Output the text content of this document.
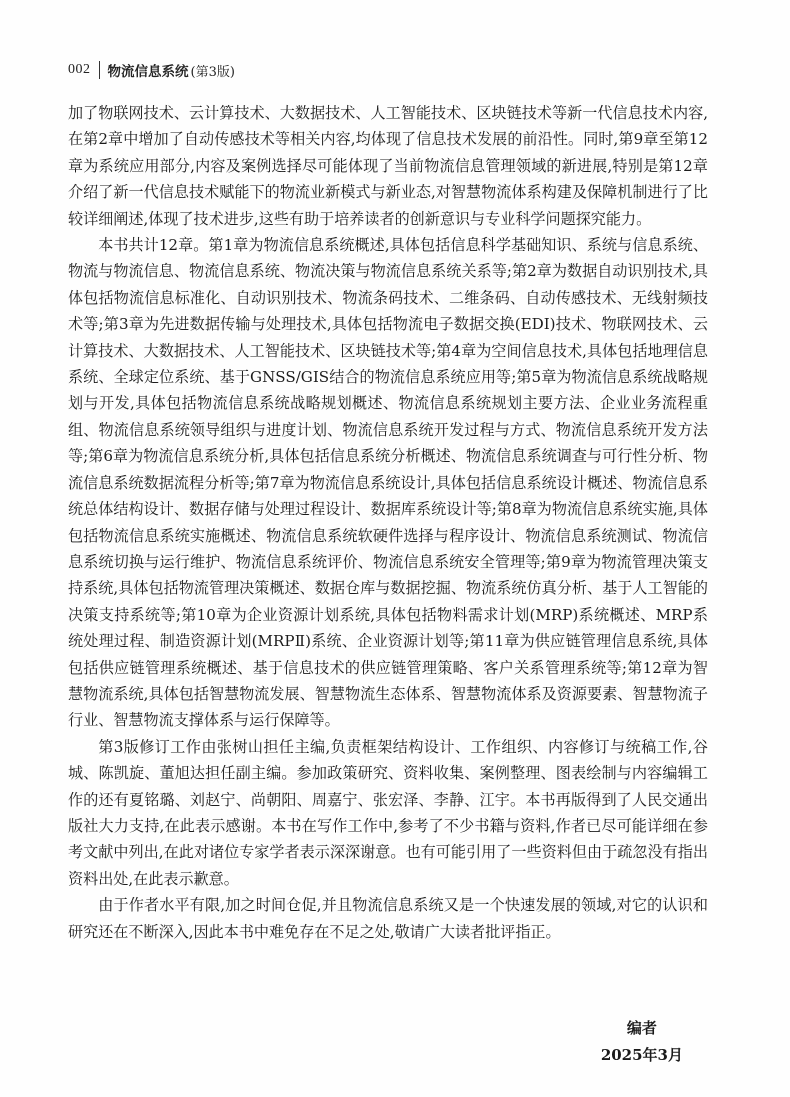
002 物流信息系统 (第3版)

加了物联网技术、云计算技术、大数据技术、人工智能技术、区块链技术等新一代信息技术内容,在第2章中增加了自动传感技术等相关内容,均体现了信息技术发展的前沿性。同时,第9章至第12章为系统应用部分,内容及案例选择尽可能体现了当前物流信息管理领域的新进展,特别是第12章介绍了新一代信息技术赋能下的物流业新模式与新业态,对智慧物流体系构建及保障机制进行了比较详细阐述,体现了技术进步,这些有助于培养读者的创新意识与专业科学问题探究能力。

本书共计12章。第1章为物流信息系统概述,具体包括信息科学基础知识、系统与信息系统、物流与物流信息、物流信息系统、物流决策与物流信息系统关系等;第2章为数据自动识别技术,具体包括物流信息标准化、自动识别技术、物流条码技术、二维条码、自动传感技术、无线射频技术等;第3章为先进数据传输与处理技术,具体包括物流电子数据交换(EDI)技术、物联网技术、云计算技术、大数据技术、人工智能技术、区块链技术等;第4章为空间信息技术,具体包括地理信息系统、全球定位系统、基于GNSS/GIS结合的物流信息系统应用等;第5章为物流信息系统战略规划与开发,具体包括物流信息系统战略规划概述、物流信息系统规划主要方法、企业业务流程重组、物流信息系统领导组织与进度计划、物流信息系统开发过程与方式、物流信息系统开发方法等;第6章为物流信息系统分析,具体包括信息系统分析概述、物流信息系统调查与可行性分析、物流信息系统数据流程分析等;第7章为物流信息系统设计,具体包括信息系统设计概述、物流信息系统总体结构设计、数据存储与处理过程设计、数据库系统设计等;第8章为物流信息系统实施,具体包括物流信息系统实施概述、物流信息系统软硬件选择与程序设计、物流信息系统测试、物流信息系统切换与运行维护、物流信息系统评价、物流信息系统安全管理等;第9章为物流管理决策支持系统,具体包括物流管理决策概述、数据仓库与数据挖掘、物流系统仿真分析、基于人工智能的决策支持系统等;第10章为企业资源计划系统,具体包括物料需求计划(MRP)系统概述、MRP系统处理过程、制造资源计划(MRPⅡ)系统、企业资源计划等;第11章为供应链管理信息系统,具体包括供应链管理系统概述、基于信息技术的供应链管理策略、客户关系管理系统等;第12章为智慧物流系统,具体包括智慧物流发展、智慧物流生态体系、智慧物流体系及资源要素、智慧物流子行业、智慧物流支撑体系与运行保障等。

第3版修订工作由张树山担任主编,负责框架结构设计、工作组织、内容修订与统稿工作,谷城、陈凯旋、董旭达担任副主编。参加政策研究、资料收集、案例整理、图表绘制与内容编辑工作的还有夏铭璐、刘赵宁、尚朝阳、周嘉宁、张宏泽、李静、江宇。本书再版得到了人民交通出版社大力支持,在此表示感谢。本书在写作工作中,参考了不少书籍与资料,作者已尽可能详细在参考文献中列出,在此对诸位专家学者表示深深谢意。也有可能引用了一些资料但由于疏忽没有指出资料出处,在此表示歉意。

由于作者水平有限,加之时间仓促,并且物流信息系统又是一个快速发展的领域,对它的认识和研究还在不断深入,因此本书中难免存在不足之处,敬请广大读者批评指正。

编者
2025年3月
